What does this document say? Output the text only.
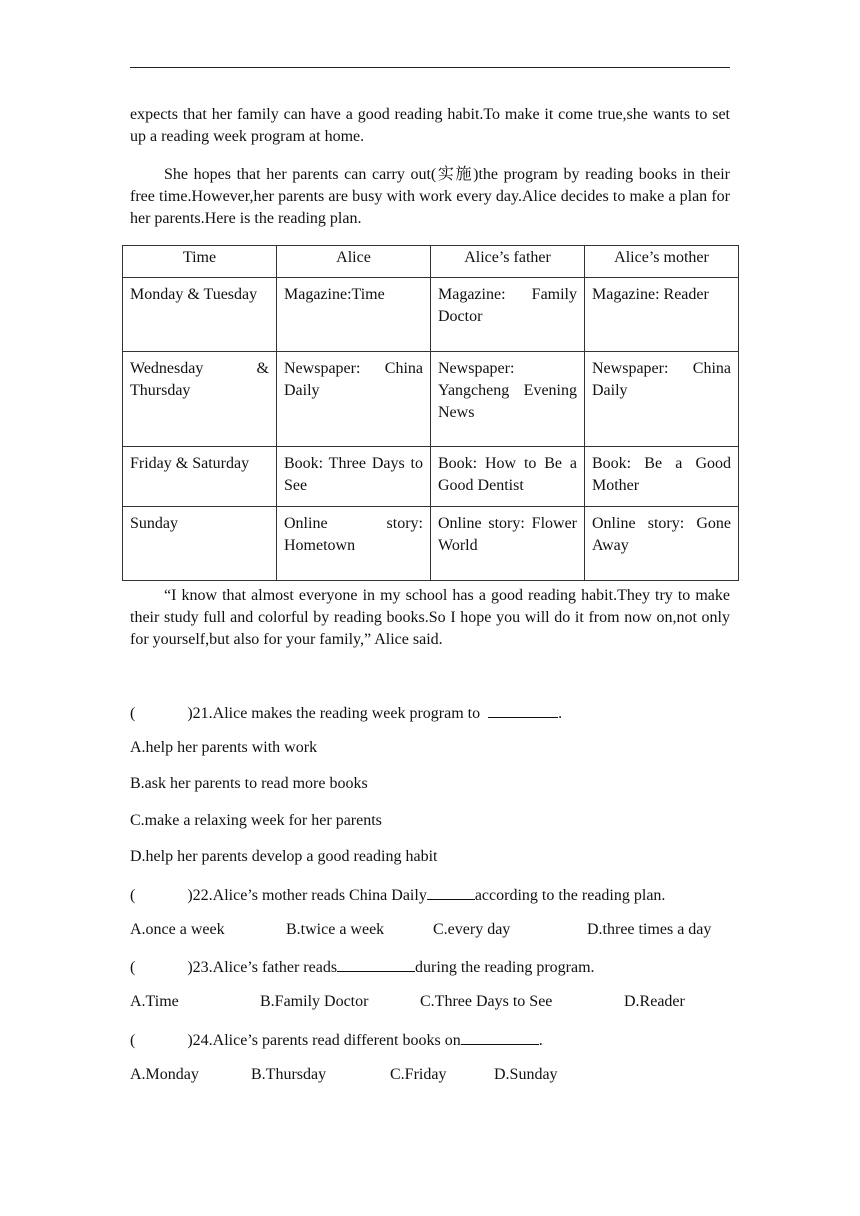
expects that her family can have a good reading habit.To make it come true,she wants to set up a reading week program at home.

She hopes that her parents can carry out(实施)the program by reading books in their free time.However,her parents are busy with work every day.Alice decides to make a plan for her parents.Here is the reading plan.

Time	Alice	Alice’s father	Alice’s mother
Monday & Tuesday	Magazine:Time	Magazine: Family Doctor	Magazine: Reader
Wednesday & Thursday	Newspaper: China Daily	Newspaper: Yangcheng Evening News	Newspaper: China Daily
Friday & Saturday	Book: Three Days to See	Book: How to Be a Good Dentist	Book: Be a Good Mother
Sunday	Online story: Hometown	Online story: Flower World	Online story: Gone Away

“I know that almost everyone in my school has a good reading habit.They try to make their study full and colorful by reading books.So I hope you will do it from now on,not only for yourself,but also for your family,” Alice said.

(	)21.Alice makes the reading week program to	.

A.help her parents with work
B.ask her parents to read more books
C.make a relaxing week for her parents
D.help her parents develop a good reading habit

(	)22.Alice’s mother reads China Daily	according to the reading plan.

A.once a week	B.twice a week	C.every day	D.three times a day

(	)23.Alice’s father reads	during the reading program.

A.Time	B.Family Doctor	C.Three Days to See	D.Reader

(	)24.Alice’s parents read different books on	.

A.Monday	B.Thursday	C.Friday	D.Sunday
